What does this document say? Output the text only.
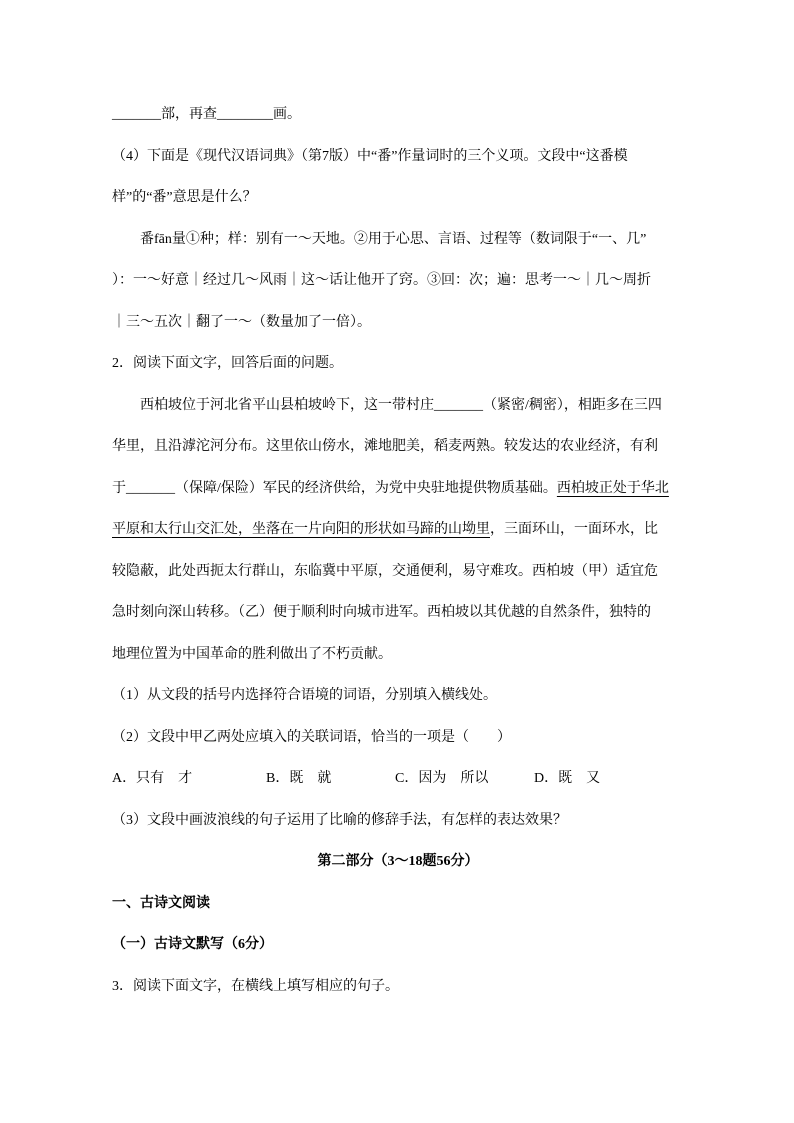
_______部，再查________画。
（4）下面是《现代汉语词典》（第7版）中“番”作量词时的三个义项。文段中“这番模
样”的“番”意思是什么？
番fān量①种；样：别有一～天地。②用于心思、言语、过程等（数词限于“一、几”
）：一～好意｜经过几～风雨｜这～话让他开了窍。③回：次；遍：思考一～｜几～周折
｜三～五次｜翻了一～（数量加了一倍）。
2．阅读下面文字，回答后面的问题。
西柏坡位于河北省平山县柏坡岭下，这一带村庄_______（紧密/稠密），相距多在三四
华里，且沿滹沱河分布。这里依山傍水，滩地肥美，稻麦两熟。较发达的农业经济，有利
于_______（保障/保险）军民的经济供给，为党中央驻地提供物质基础。西柏坡正处于华北
平原和太行山交汇处，坐落在一片向阳的形状如马蹄的山坳里，三面环山，一面环水，比
较隐蔽，此处西扼太行群山，东临冀中平原，交通便利，易守难攻。西柏坡（甲）适宜危
急时刻向深山转移。（乙）便于顺利时向城市进军。西柏坡以其优越的自然条件，独特的
地理位置为中国革命的胜利做出了不朽贡献。
（1）从文段的括号内选择符合语境的词语，分别填入横线处。
（2）文段中甲乙两处应填入的关联词语，恰当的一项是（　　）
A．只有　才	B．既　就	C．因为　所以	D．既　又
（3）文段中画波浪线的句子运用了比喻的修辞手法，有怎样的表达效果？
第二部分（3～18题56分）
一、古诗文阅读
（一）古诗文默写（6分）
3．阅读下面文字，在横线上填写相应的句子。
